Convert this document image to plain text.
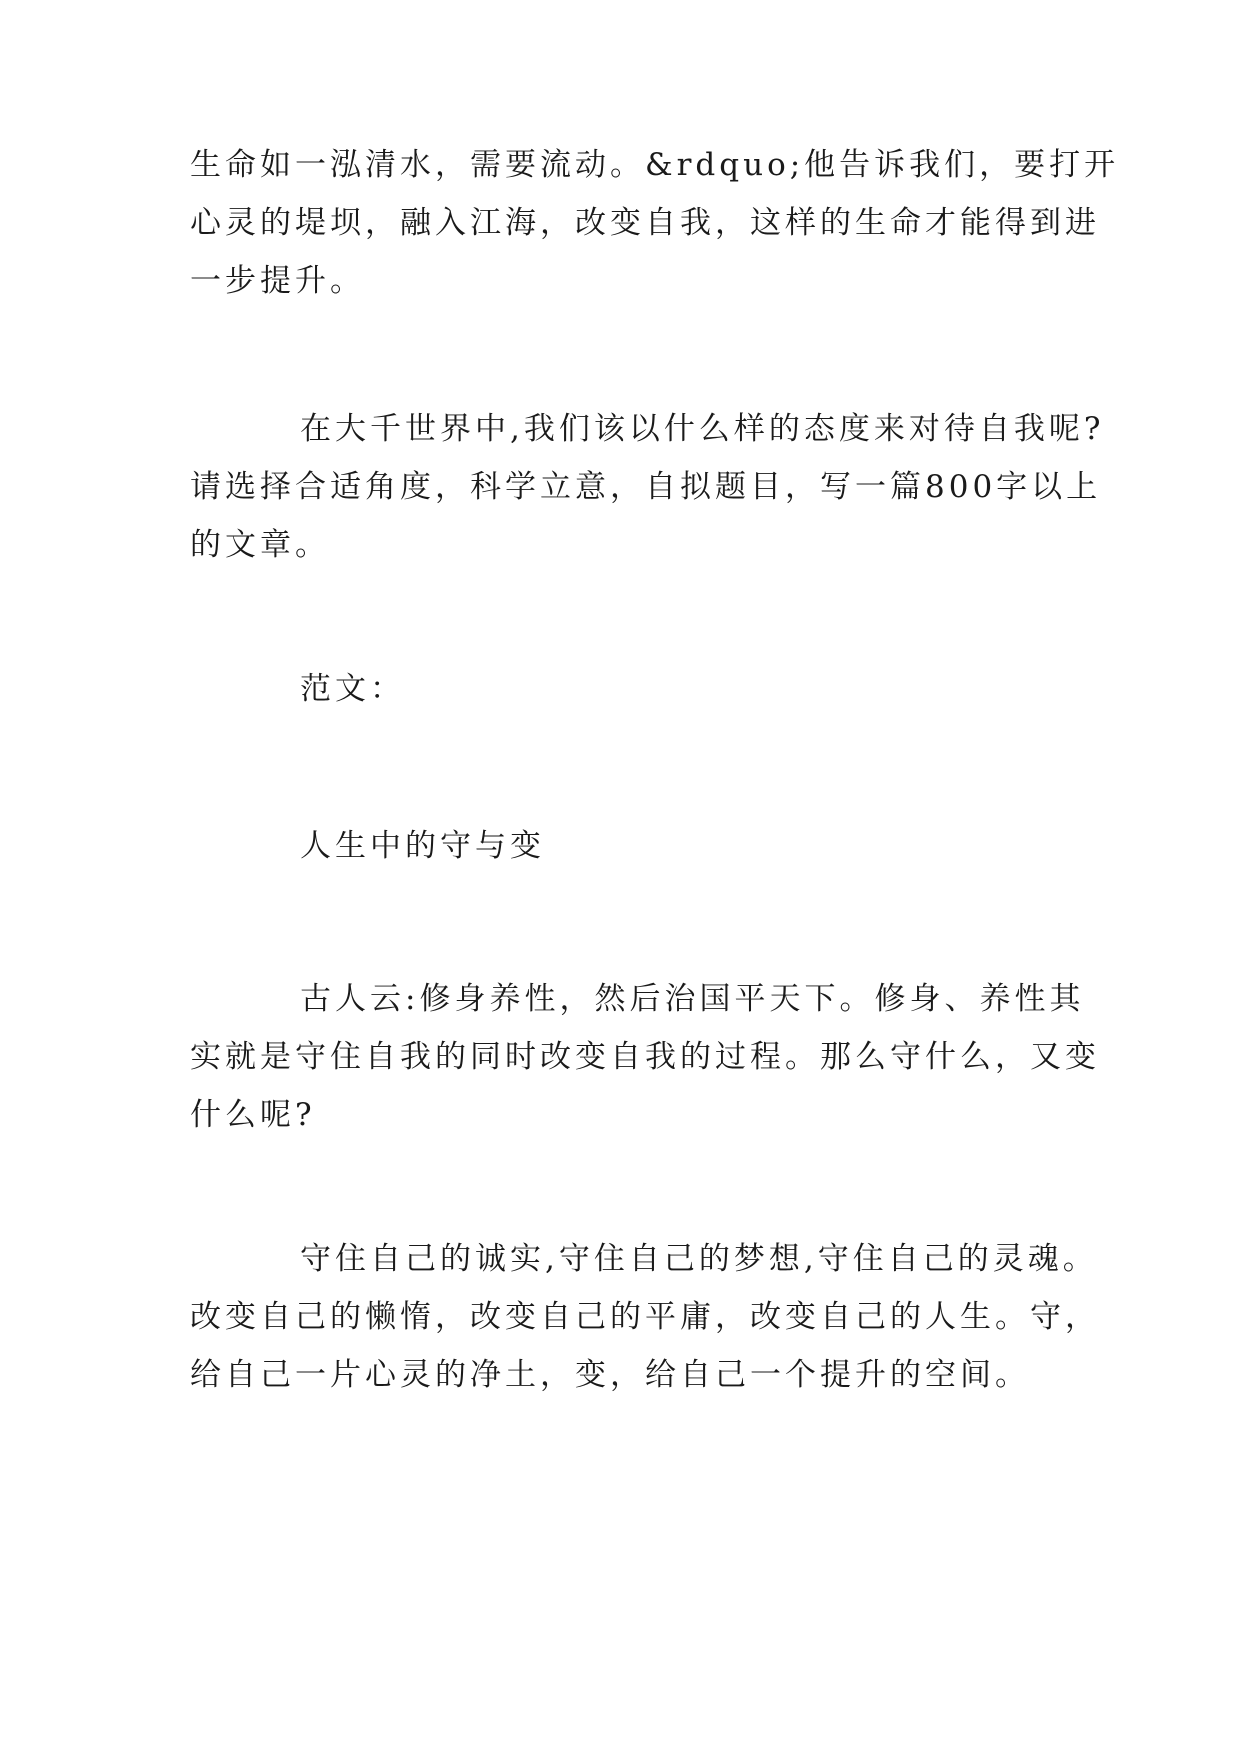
生命如一泓清水，需要流动。&rdquo;他告诉我们，要打开
心灵的堤坝，融入江海，改变自我，这样的生命才能得到进
一步提升。

在大千世界中,我们该以什么样的态度来对待自我呢?
请选择合适角度，科学立意，自拟题目，写一篇800字以上
的文章。

范文：

人生中的守与变

古人云:修身养性，然后治国平天下。修身、养性其
实就是守住自我的同时改变自我的过程。那么守什么，又变
什么呢?

守住自己的诚实,守住自己的梦想,守住自己的灵魂。
改变自己的懒惰，改变自己的平庸，改变自己的人生。守，
给自己一片心灵的净土，变，给自己一个提升的空间。
